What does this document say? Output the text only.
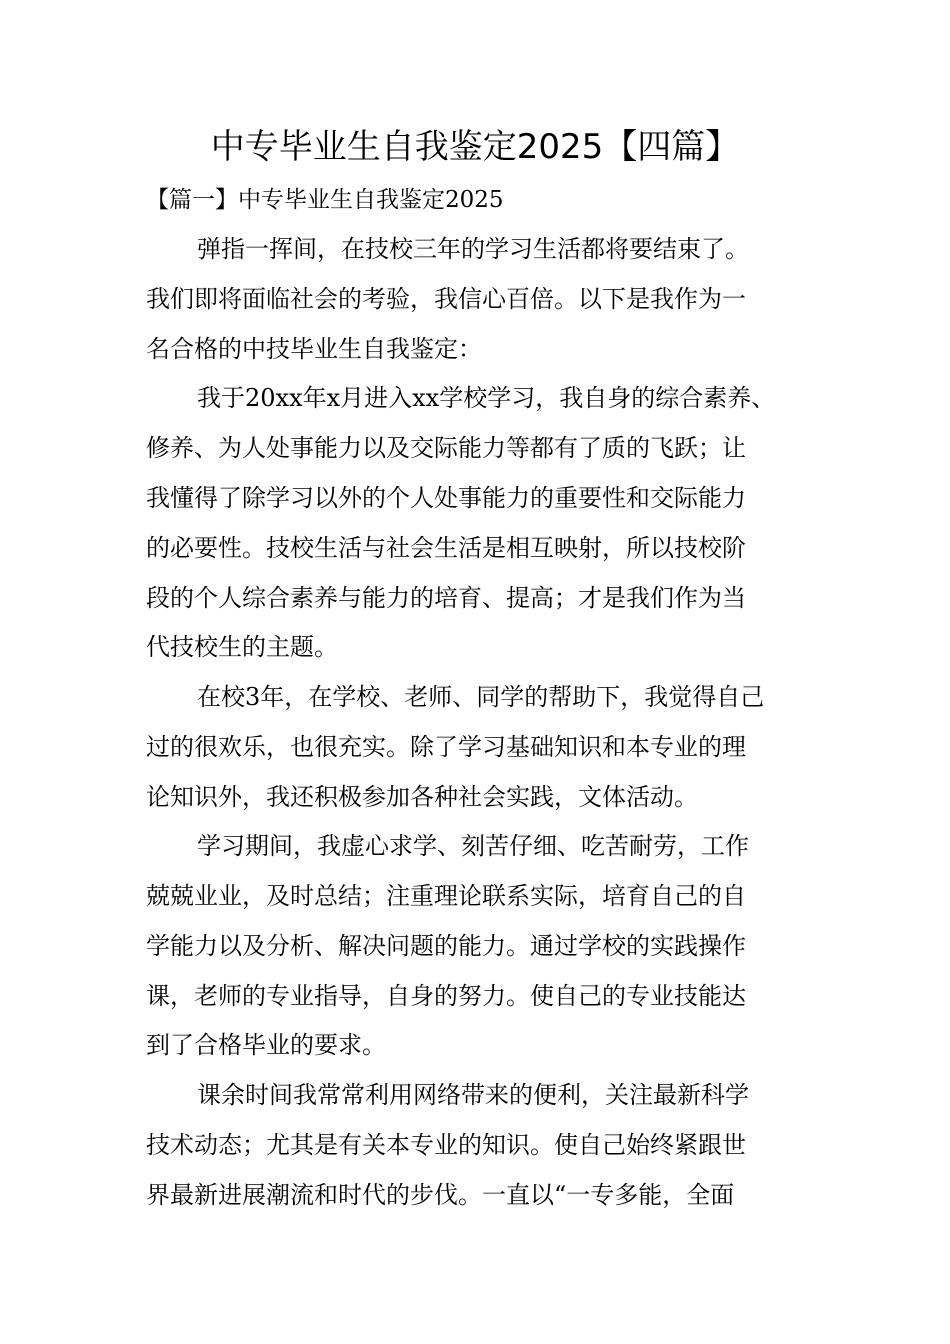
中专毕业生自我鉴定2025【四篇】
【篇一】中专毕业生自我鉴定2025
弹指一挥间，在技校三年的学习生活都将要结束了。
我们即将面临社会的考验，我信心百倍。以下是我作为一
名合格的中技毕业生自我鉴定：
我于20xx年x月进入xx学校学习，我自身的综合素养、
修养、为人处事能力以及交际能力等都有了质的飞跃；让
我懂得了除学习以外的个人处事能力的重要性和交际能力
的必要性。技校生活与社会生活是相互映射，所以技校阶
段的个人综合素养与能力的培育、提高；才是我们作为当
代技校生的主题。
在校3年，在学校、老师、同学的帮助下，我觉得自己
过的很欢乐，也很充实。除了学习基础知识和本专业的理
论知识外，我还积极参加各种社会实践，文体活动。
学习期间，我虚心求学、刻苦仔细、吃苦耐劳，工作
兢兢业业，及时总结；注重理论联系实际，培育自己的自
学能力以及分析、解决问题的能力。通过学校的实践操作
课，老师的专业指导，自身的努力。使自己的专业技能达
到了合格毕业的要求。
课余时间我常常利用网络带来的便利，关注最新科学
技术动态；尤其是有关本专业的知识。使自己始终紧跟世
界最新进展潮流和时代的步伐。一直以“一专多能，全面
